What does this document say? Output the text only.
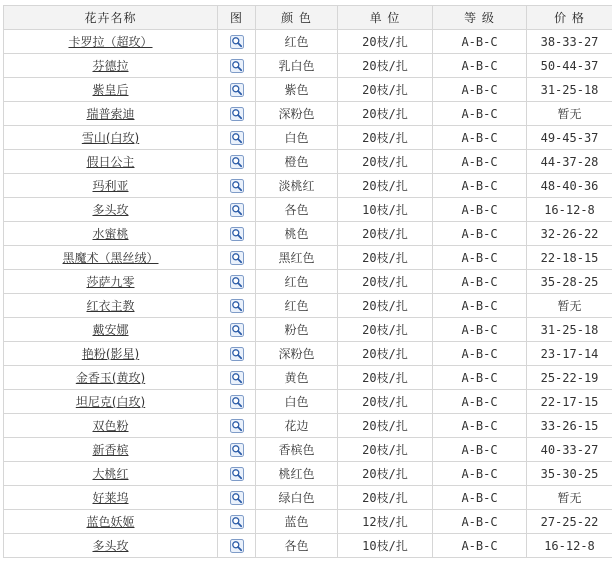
花卉名称	图	颜 色	单 位	等 级	价 格
卡罗拉（超玫）		红色	20枝/扎	A-B-C	38-33-27
芬德拉		乳白色	20枝/扎	A-B-C	50-44-37
紫皇后		紫色	20枝/扎	A-B-C	31-25-18
瑞普索迪		深粉色	20枝/扎	A-B-C	暂无
雪山(白玫)		白色	20枝/扎	A-B-C	49-45-37
假日公主		橙色	20枝/扎	A-B-C	44-37-28
玛利亚		淡桃红	20枝/扎	A-B-C	48-40-36
多头玫		各色	10枝/扎	A-B-C	16-12-8
水蜜桃		桃色	20枝/扎	A-B-C	32-26-22
黑魔术（黑丝绒）		黑红色	20枝/扎	A-B-C	22-18-15
莎萨九零		红色	20枝/扎	A-B-C	35-28-25
红衣主教		红色	20枝/扎	A-B-C	暂无
戴安娜		粉色	20枝/扎	A-B-C	31-25-18
艳粉(影星)		深粉色	20枝/扎	A-B-C	23-17-14
金香玉(黄玫)		黄色	20枝/扎	A-B-C	25-22-19
坦尼克(白玫)		白色	20枝/扎	A-B-C	22-17-15
双色粉		花边	20枝/扎	A-B-C	33-26-15
新香槟		香槟色	20枝/扎	A-B-C	40-33-27
大桃红		桃红色	20枝/扎	A-B-C	35-30-25
好莱坞		绿白色	20枝/扎	A-B-C	暂无
蓝色妖姬		蓝色	12枝/扎	A-B-C	27-25-22
多头玫		各色	10枝/扎	A-B-C	16-12-8
